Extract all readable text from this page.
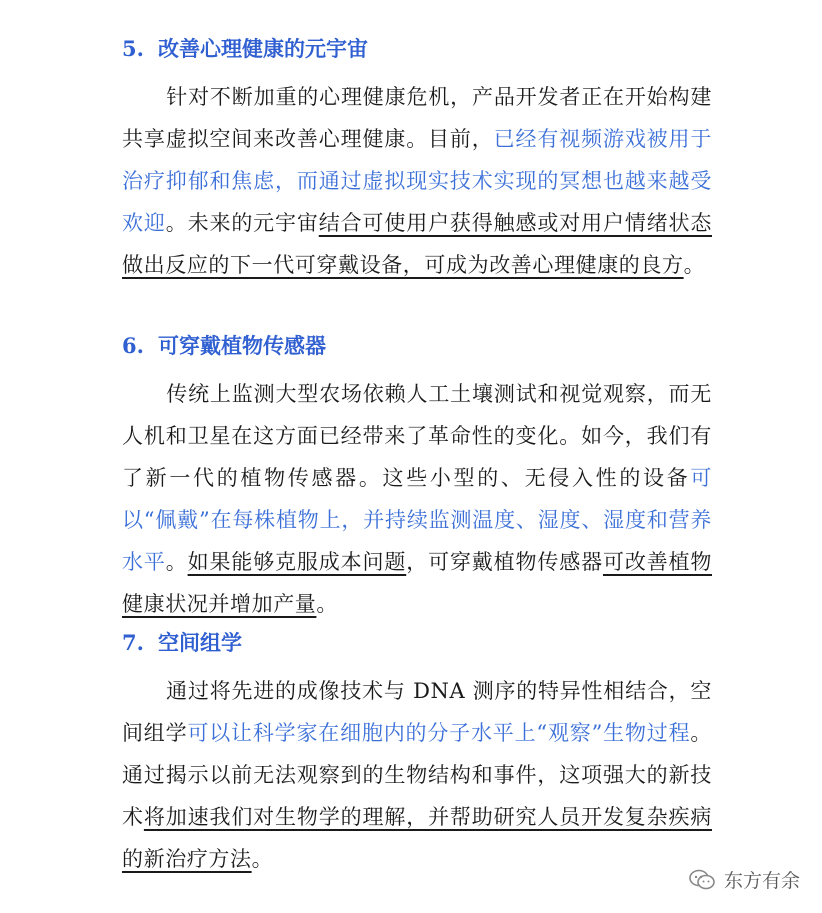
5. 改善心理健康的元宇宙
针对不断加重的心理健康危机，产品开发者正在开始构建共享虚拟空间来改善心理健康。目前，已经有视频游戏被用于治疗抑郁和焦虑，而通过虚拟现实技术实现的冥想也越来越受欢迎。未来的元宇宙结合可使用户获得触感或对用户情绪状态做出反应的下一代可穿戴设备，可成为改善心理健康的良方。
6. 可穿戴植物传感器
传统上监测大型农场依赖人工土壤测试和视觉观察，而无人机和卫星在这方面已经带来了革命性的变化。如今，我们有了新一代的植物传感器。这些小型的、无侵入性的设备可以“佩戴”在每株植物上，并持续监测温度、湿度、湿度和营养水平。如果能够克服成本问题，可穿戴植物传感器可改善植物健康状况并增加产量。
7. 空间组学
通过将先进的成像技术与 DNA 测序的特异性相结合，空间组学可以让科学家在细胞内的分子水平上“观察”生物过程。通过揭示以前无法观察到的生物结构和事件，这项强大的新技术将加速我们对生物学的理解，并帮助研究人员开发复杂疾病的新治疗方法。
东方有余
